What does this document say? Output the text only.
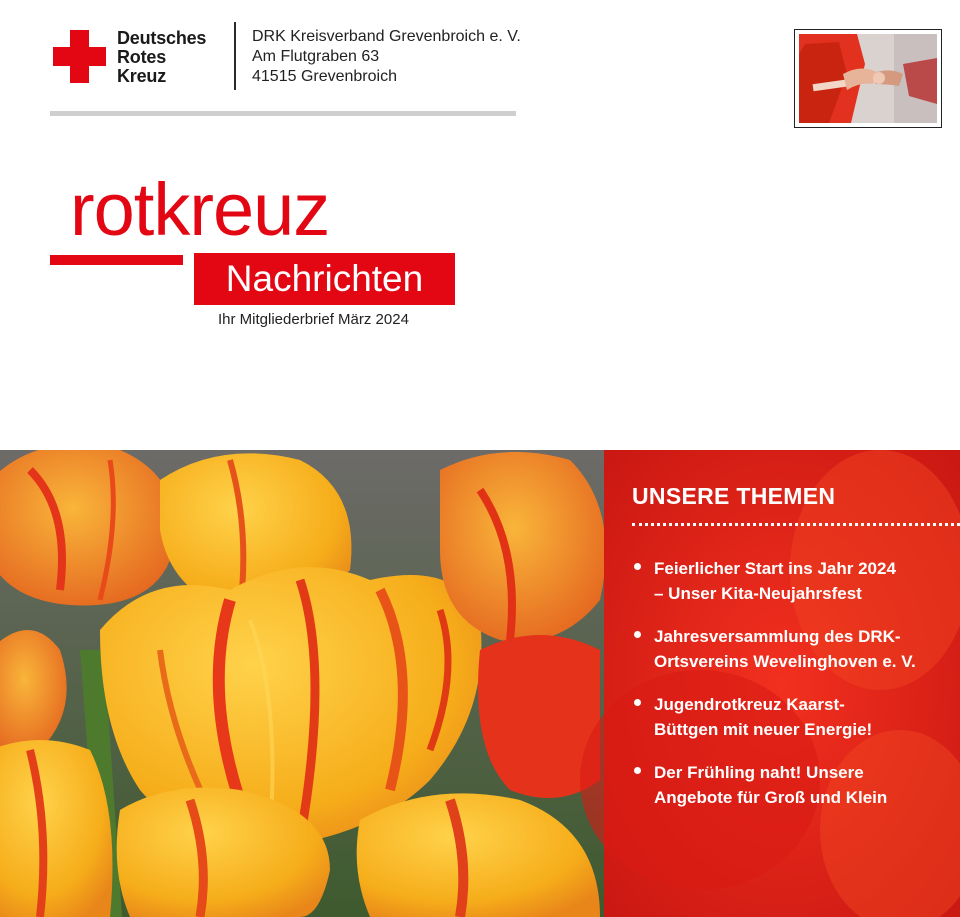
Deutsches
Rotes
Kreuz
DRK Kreisverband Grevenbroich e. V.
Am Flutgraben 63
41515 Grevenbroich
rotkreuz
Nachrichten
Ihr Mitgliederbrief März 2024
UNSERE THEMEN
Feierlicher Start ins Jahr 2024
– Unser Kita-Neujahrsfest
Jahresversammlung des DRK-
Ortsvereins Wevelinghoven e. V.
Jugendrotkreuz Kaarst-
Büttgen mit neuer Energie!
Der Frühling naht! Unsere
Angebote für Groß und Klein
